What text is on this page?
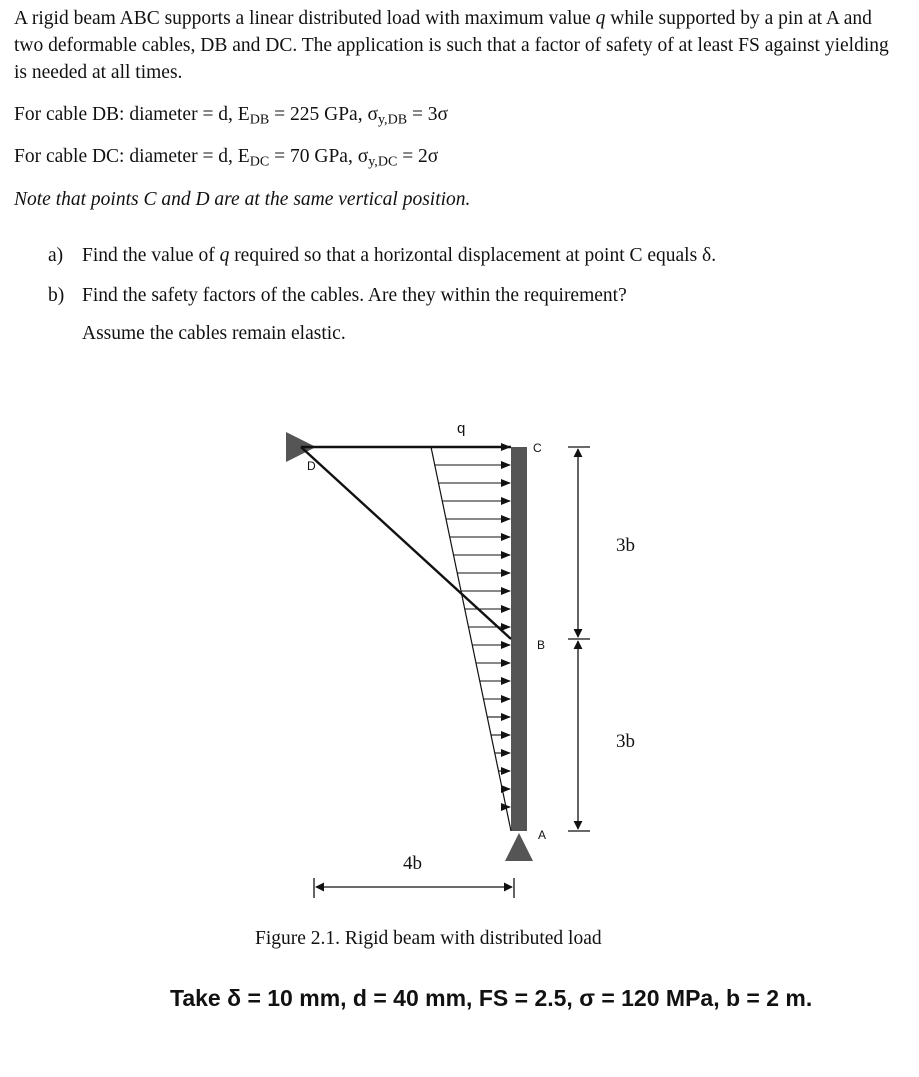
A rigid beam ABC supports a linear distributed load with maximum value q while supported by a pin at A and two deformable cables, DB and DC. The application is such that a factor of safety of at least FS against yielding is needed at all times.
For cable DB: diameter = d, $E_{DB} = 225$ GPa, $\sigma_{y,DB} = 3\sigma$
For cable DC: diameter = d, $E_{DC} = 70$ GPa, $\sigma_{y,DC} = 2\sigma$
Note that points C and D are at the same vertical position.
a) Find the value of q required so that a horizontal displacement at point C equals δ.
b) Find the safety factors of the cables. Are they within the requirement?
Assume the cables remain elastic.
q
D
C
B
A
3b
3b
4b
Figure 2.1. Rigid beam with distributed load
Take δ = 10 mm, d = 40 mm, FS = 2.5, σ = 120 MPa, b = 2 m.
